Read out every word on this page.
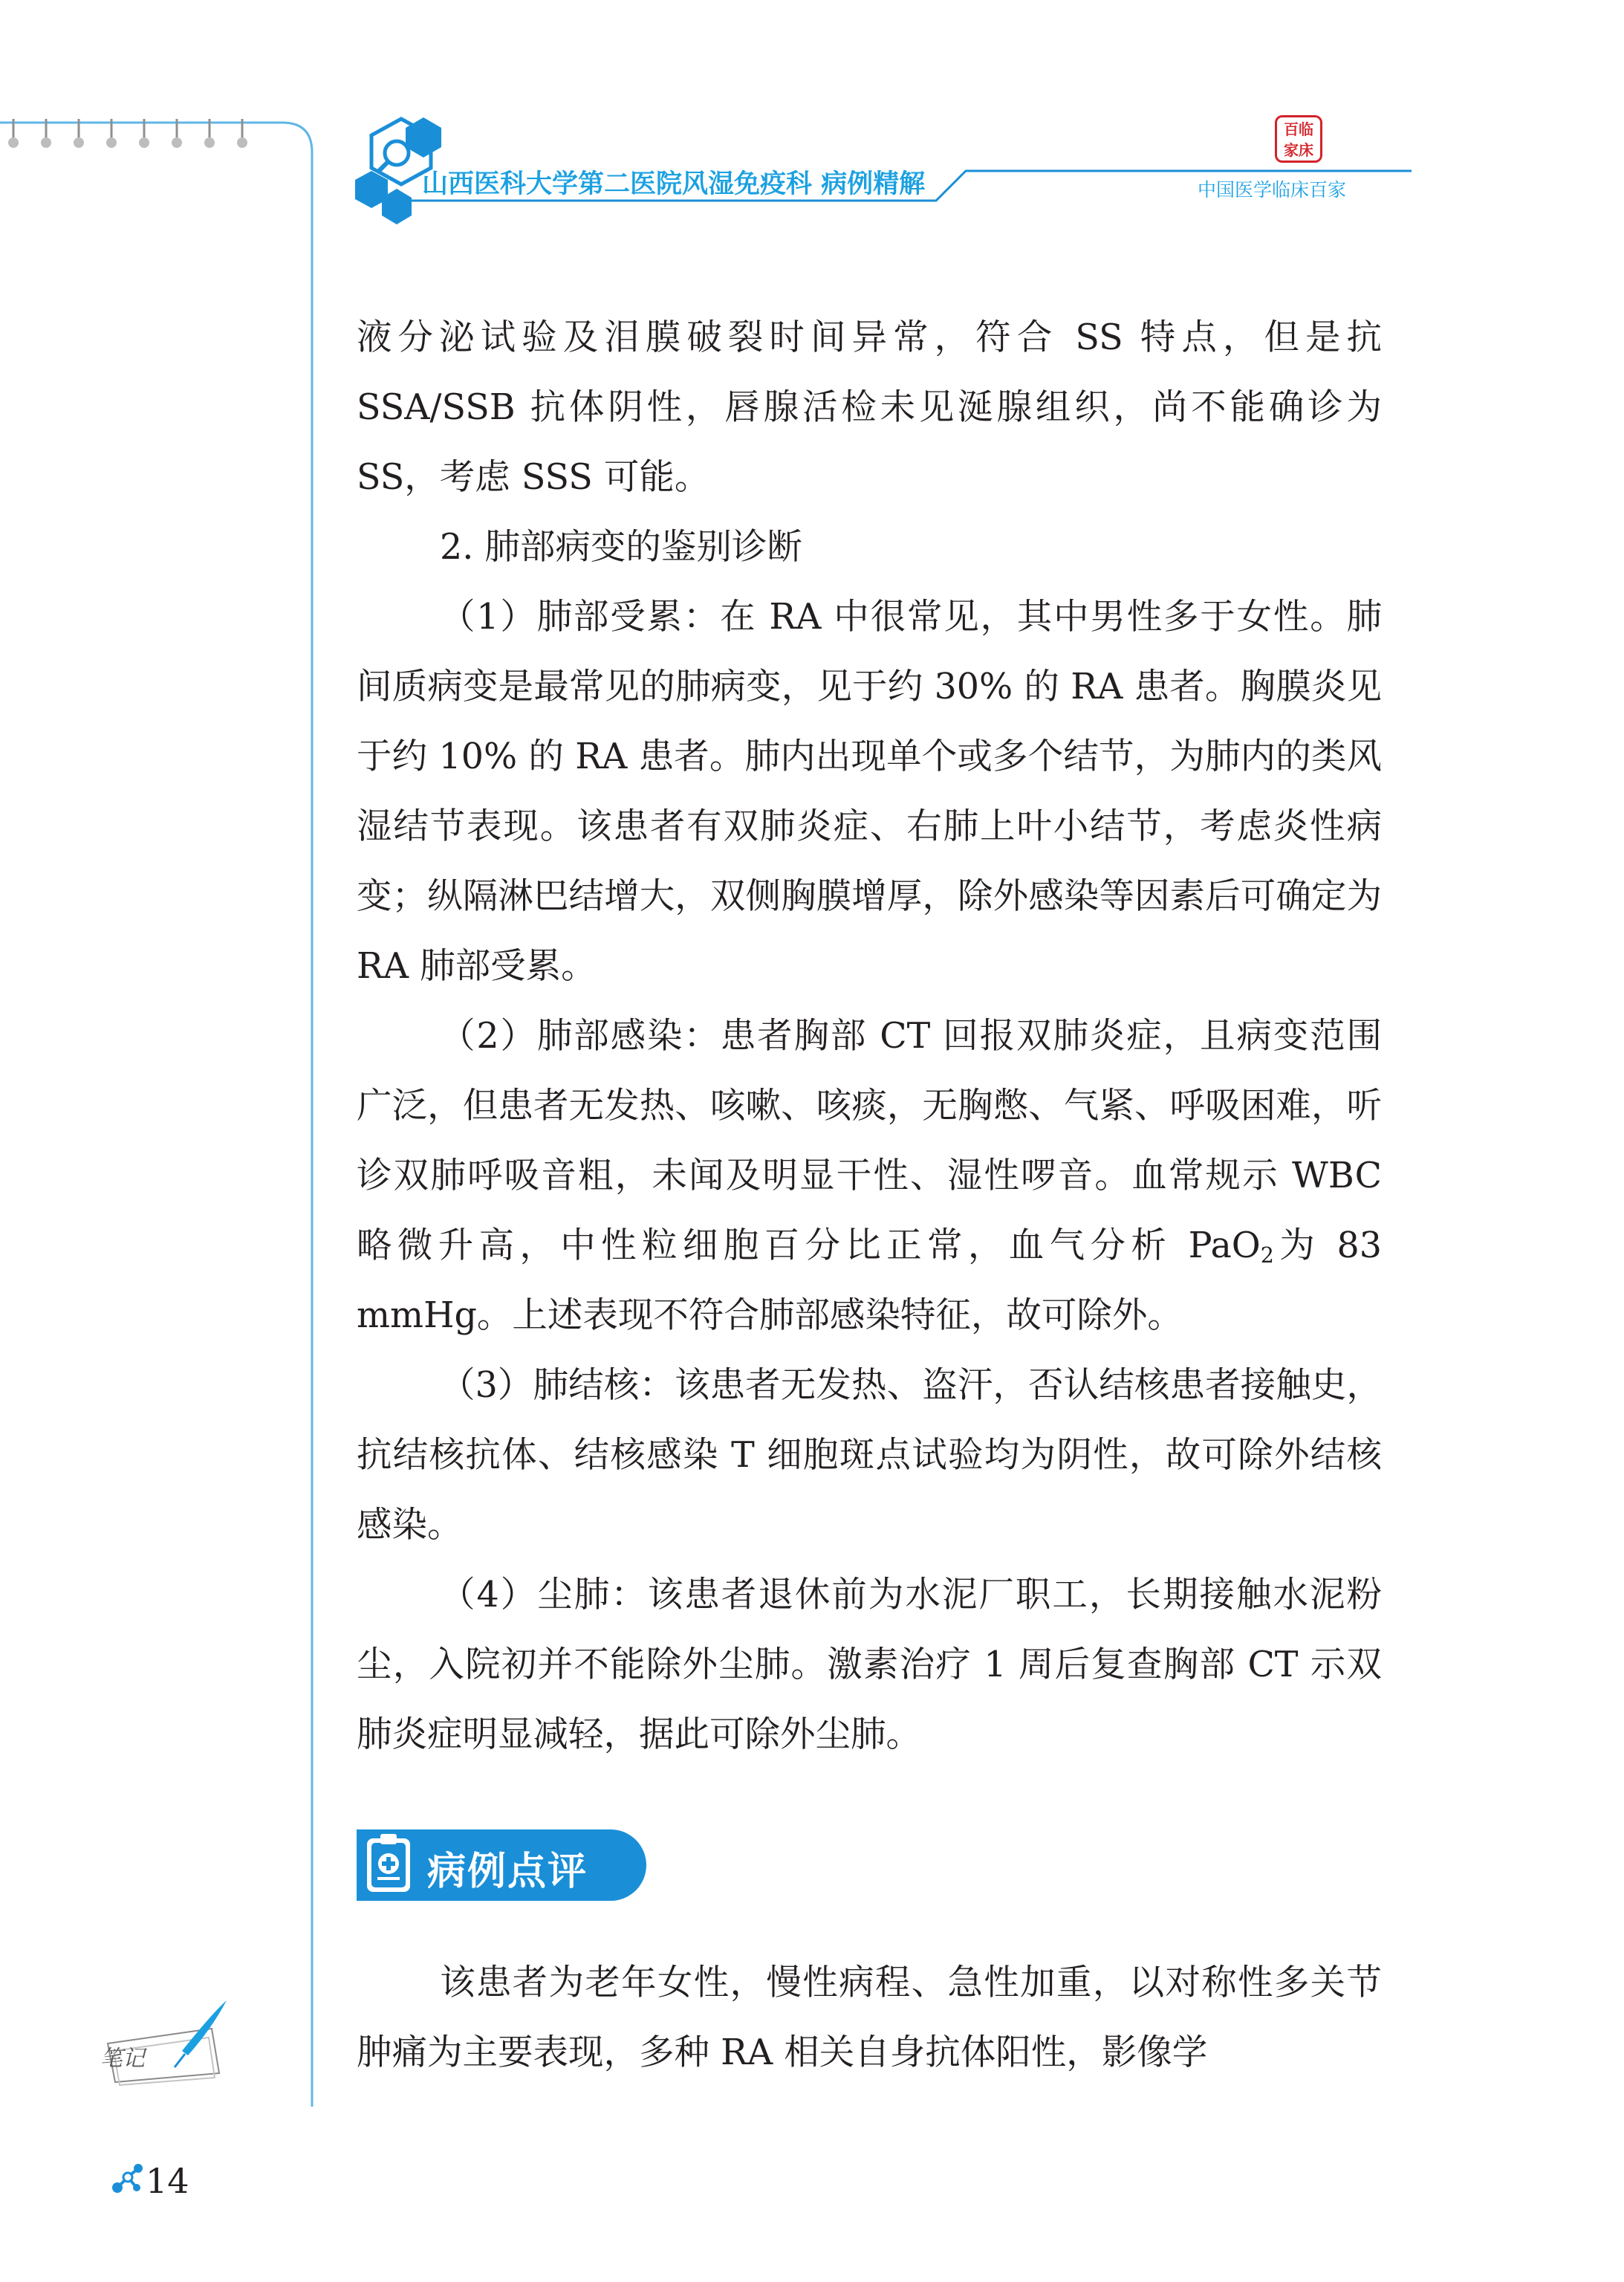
山西医科大学第二医院风湿免疫科 病例精解
百临家床
中国医学临床百家

液分泌试验及泪膜破裂时间异常，符合 SS 特点，但是抗 SSA/SSB 抗体阴性，唇腺活检未见涎腺组织，尚不能确诊为 SS，考虑 SSS 可能。

2. 肺部病变的鉴别诊断

（1）肺部受累：在 RA 中很常见，其中男性多于女性。肺间质病变是最常见的肺病变，见于约 30% 的 RA 患者。胸膜炎见于约 10% 的 RA 患者。肺内出现单个或多个结节，为肺内的类风湿结节表现。该患者有双肺炎症、右肺上叶小结节，考虑炎性病变；纵隔淋巴结增大，双侧胸膜增厚，除外感染等因素后可确定为 RA 肺部受累。

（2）肺部感染：患者胸部 CT 回报双肺炎症，且病变范围广泛，但患者无发热、咳嗽、咳痰，无胸憋、气紧、呼吸困难，听诊双肺呼吸音粗，未闻及明显干性、湿性啰音。血常规示 WBC 略微升高，中性粒细胞百分比正常，血气分析 PaO$_2$为 83 mmHg。上述表现不符合肺部感染特征，故可除外。

（3）肺结核：该患者无发热、盗汗，否认结核患者接触史，抗结核抗体、结核感染 T 细胞斑点试验均为阴性，故可除外结核感染。

（4）尘肺：该患者退休前为水泥厂职工，长期接触水泥粉尘，入院初并不能除外尘肺。激素治疗 1 周后复查胸部 CT 示双肺炎症明显减轻，据此可除外尘肺。

病例点评

该患者为老年女性，慢性病程、急性加重，以对称性多关节肿痛为主要表现，多种 RA 相关自身抗体阳性，影像学

笔记
14
